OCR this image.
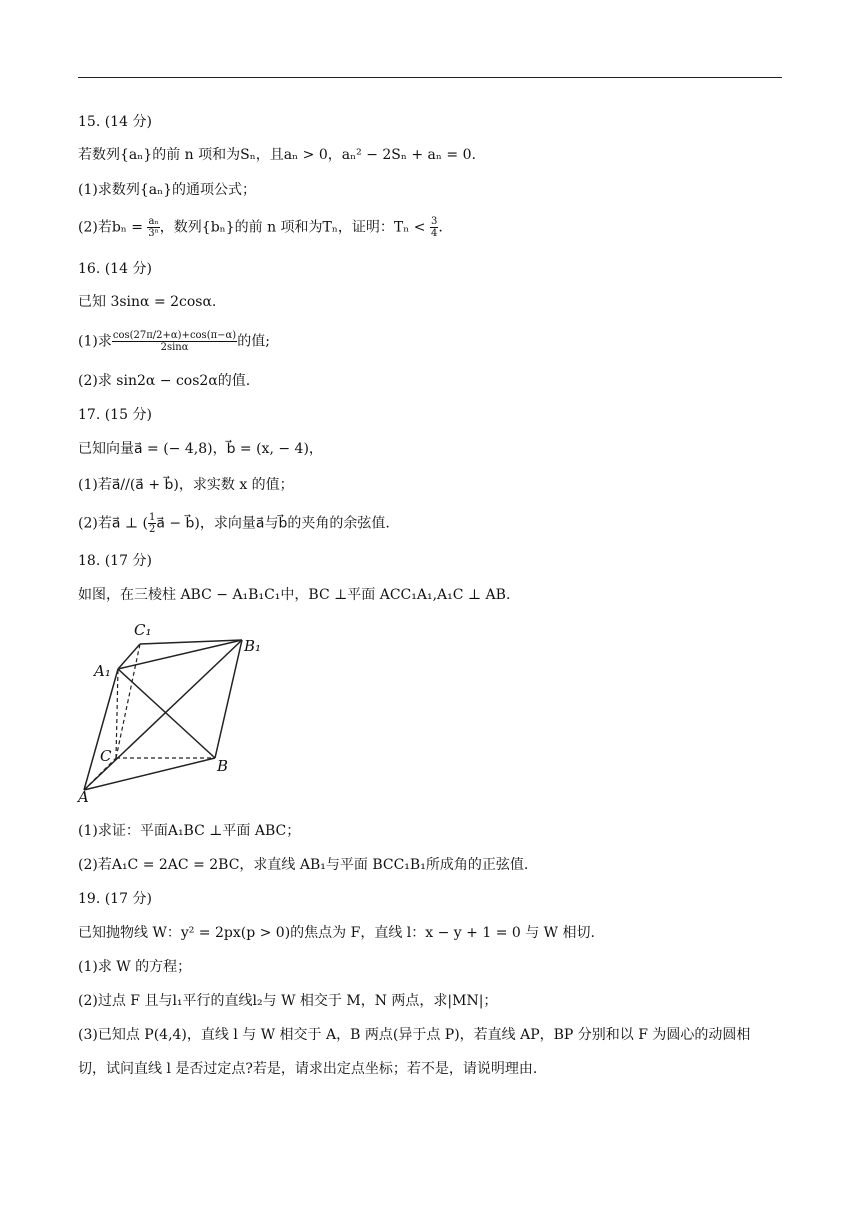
15. (14 分)
若数列{aₙ}的前 n 项和为Sₙ，且aₙ > 0，aₙ² − 2Sₙ + aₙ = 0.
(1)求数列{aₙ}的通项公式；
(2)若$b_n = \frac{\text{aₙ}}{\text{3ⁿ}}$ ，数列{bₙ}的前 n 项和为Tₙ，证明：$T_n < \frac{3}{4}$ .
16. (14 分)
已知 3sinα = 2cosα.
(1)求 $\frac{\cos(27\pi/2+\alpha)+\cos(\pi-\alpha)}{2\sin\alpha}$ 的值;
(2)求 sin2α − cos2α的值.
17. (15 分)
已知向量a⃗ = (− 4,8)，b⃗ = (x, − 4)，
(1)若a⃗//(a⃗ + b⃗)，求实数 x 的值；
(2)若a⃗ ⊥ ( $\frac{1}{2}$ a⃗ − b⃗)，求向量a⃗与b⃗的夹角的余弦值.
18. (17 分)
如图，在三棱柱 ABC − A₁B₁C₁中，BC ⊥平面 ACC₁A₁,A₁C ⊥ AB.
C₁
B₁
A₁
C
B
A
(1)求证：平面A₁BC ⊥平面 ABC；
(2)若A₁C = 2AC = 2BC，求直线 AB₁与平面 BCC₁B₁所成角的正弦值.
19. (17 分)
已知抛物线 W：y² = 2px(p > 0)的焦点为 F，直线 l：x − y + 1 = 0 与 W 相切.
(1)求 W 的方程；
(2)过点 F 且与l₁平行的直线l₂与 W 相交于 M，N 两点，求|MN|；
(3)已知点 P(4,4)，直线 l 与 W 相交于 A，B 两点(异于点 P)，若直线 AP，BP 分别和以 F 为圆心的动圆相
切，试问直线 l 是否过定点?若是，请求出定点坐标；若不是，请说明理由.
